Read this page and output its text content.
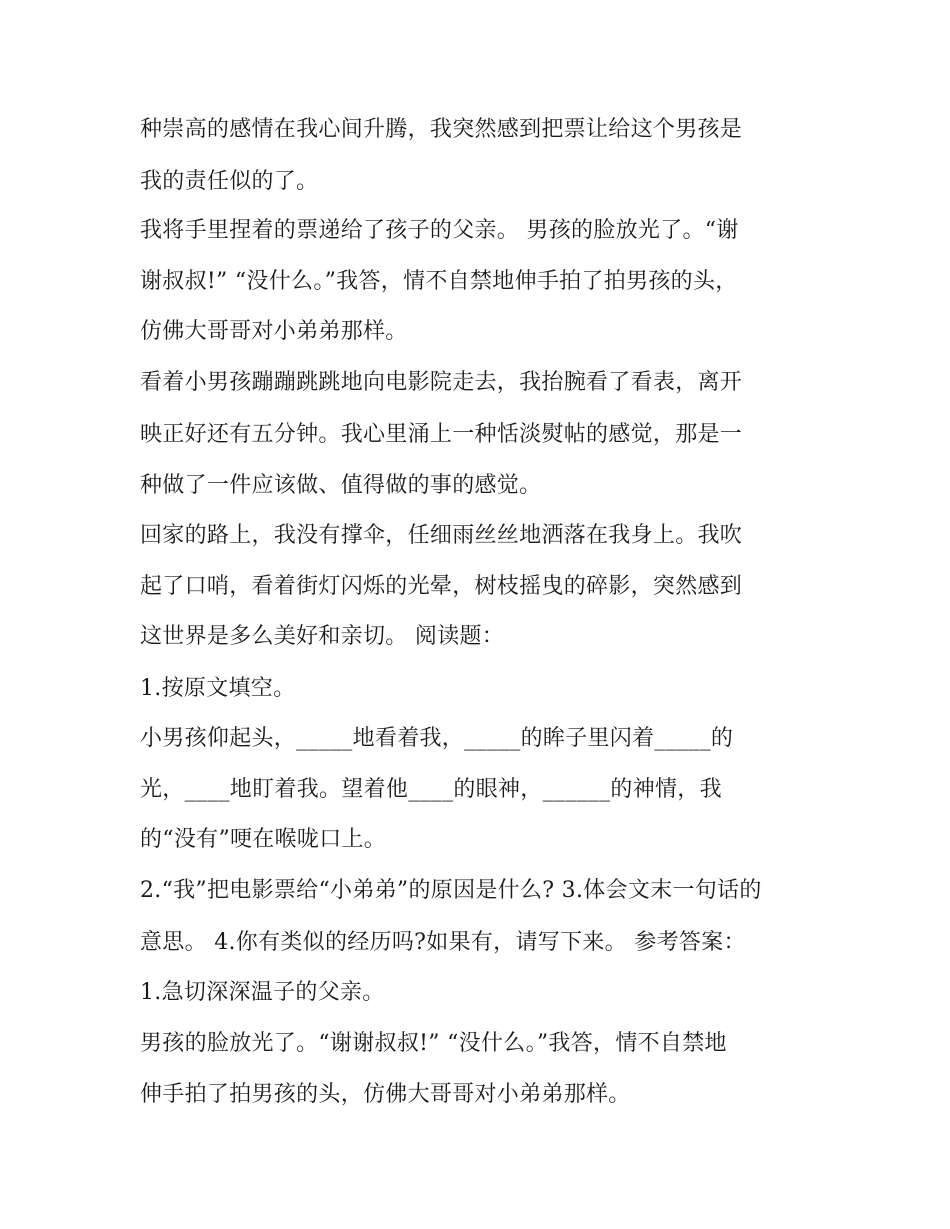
种崇高的感情在我心间升腾，我突然感到把票让给这个男孩是
我的责任似的了。
我将手里捏着的票递给了孩子的父亲。 男孩的脸放光了。“谢
谢叔叔!” “没什么。”我答，情不自禁地伸手拍了拍男孩的头，
仿佛大哥哥对小弟弟那样。
看着小男孩蹦蹦跳跳地向电影院走去，我抬腕看了看表，离开
映正好还有五分钟。我心里涌上一种恬淡熨帖的感觉，那是一
种做了一件应该做、值得做的事的感觉。
回家的路上，我没有撑伞，任细雨丝丝地洒落在我身上。我吹
起了口哨，看着街灯闪烁的光晕，树枝摇曳的碎影，突然感到
这世界是多么美好和亲切。 阅读题：
1.按原文填空。
小男孩仰起头，_____地看着我，_____的眸子里闪着_____的
光，____地盯着我。望着他____的眼神，______的神情，我
的“没有”哽在喉咙口上。
2.“我”把电影票给“小弟弟”的原因是什么? 3.体会文末一句话的
意思。 4.你有类似的经历吗?如果有，请写下来。 参考答案：
1.急切深深温子的父亲。
男孩的脸放光了。“谢谢叔叔!” “没什么。”我答，情不自禁地
伸手拍了拍男孩的头，仿佛大哥哥对小弟弟那样。
